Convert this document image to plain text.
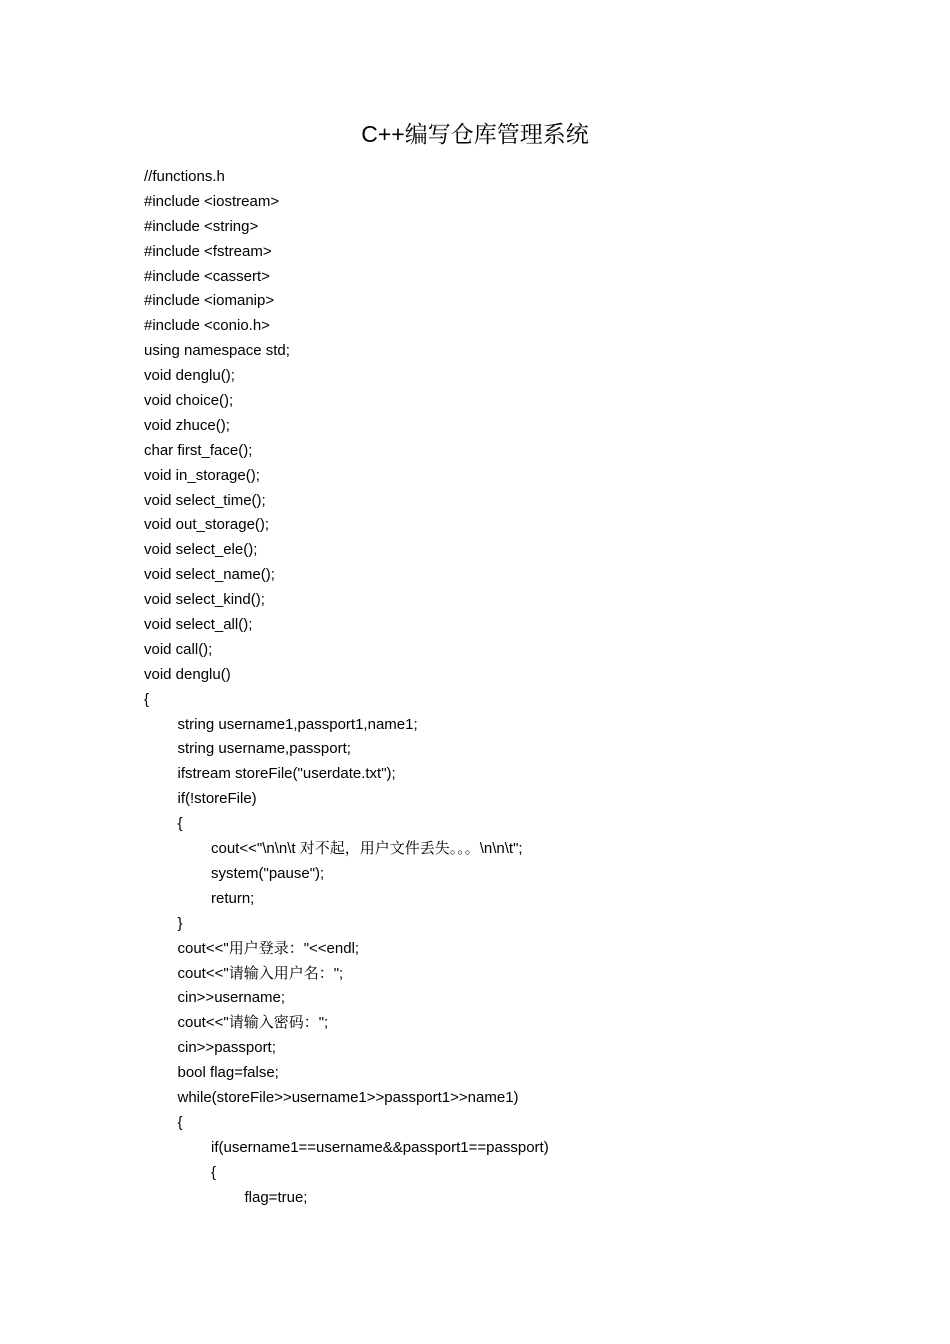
C++编写仓库管理系统
//functions.h
#include <iostream>
#include <string>
#include <fstream>
#include <cassert>
#include <iomanip>
#include <conio.h>
using namespace std;
void denglu();
void choice();
void zhuce();
char first_face();
void in_storage();
void select_time();
void out_storage();
void select_ele();
void select_name();
void select_kind();
void select_all();
void call();
void denglu()
{
string username1,passport1,name1;
string username,passport;
ifstream storeFile("userdate.txt");
if(!storeFile)
{
cout<<"\n\n\t 对不起，用户文件丢失。。。\n\n\t";
system("pause");
return;
}
cout<<"用户登录："<<endl;
cout<<"请输入用户名：";
cin>>username;
cout<<"请输入密码：";
cin>>passport;
bool flag=false;
while(storeFile>>username1>>passport1>>name1)
{
if(username1==username&&passport1==passport)
{
flag=true;
